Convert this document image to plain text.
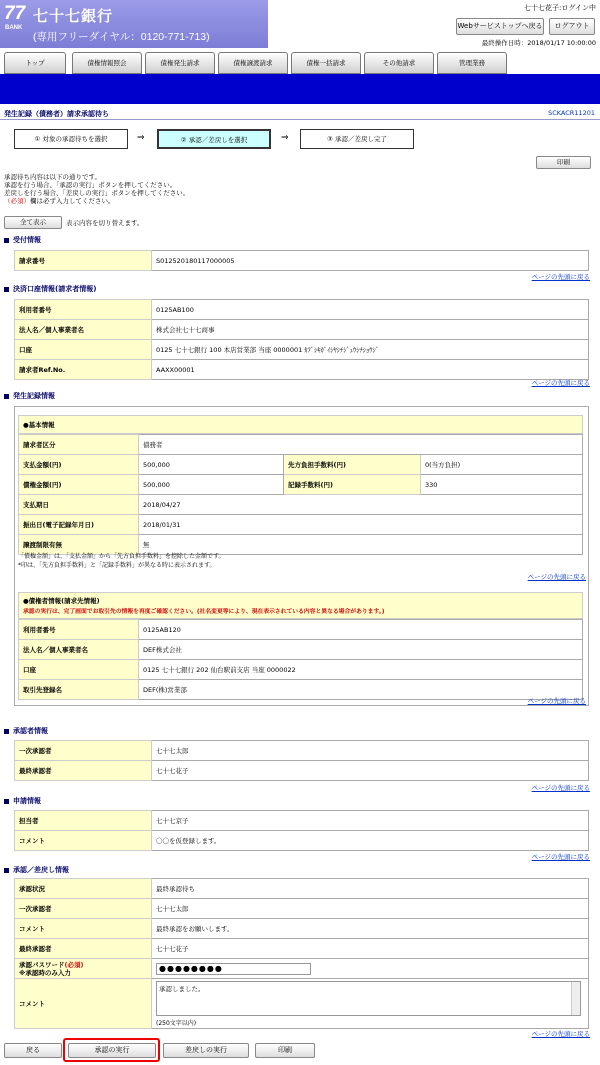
77
BANK
七十七銀行
(専用フリーダイヤル：0120-771-713)
七十七花子:ログイン中
Webサービストップへ戻る	ログアウト
最終操作日時：2018/01/17 10:00:00
トップ	債権情報照会	債権発生請求	債権譲渡請求	債権一括請求	その他請求	管理業務
発生記録（債務者）請求承認待ち	SCKACR11201
① 対象の承認待ちを選択	⇒	② 承認／差戻しを選択	⇒	③ 承認／差戻し完了
印刷
承認待ち内容は以下の通りです。
承認を行う場合、「承認の実行」ボタンを押してください。
差戻しを行う場合、「差戻しの実行」ボタンを押してください。
（必須）欄は必ず入力してください。
全て表示	表示内容を切り替えます。
受付情報
請求番号	S012520180117000005
ページの先頭に戻る
決済口座情報(請求者情報)
利用者番号	0125AB100
法人名／個人事業者名	株式会社七十七商事
口座	0125 七十七銀行 100 本店営業部 当座 0000001 ｶﾌﾞｼｷｶﾞｲｼﾔｼﾁｼﾞｭｳｼﾁｼｮｳｼﾞ
請求者Ref.No.	AAXX00001
ページの先頭に戻る
発生記録情報
●基本情報
請求者区分	債務者		
支払金額(円)	500,000	先方負担手数料(円)	0(当方負担)
債権金額(円)	500,000	記録手数料(円)	330
支払期日	2018/04/27		
振出日(電子記録年月日)	2018/01/31		
譲渡制限有無	無		
「債権金額」は、「支払金額」から「先方負担手数料」を控除した金額です。
*印は、「先方負担手数料」と「記録手数料」が異なる時に表示されます。
ページの先頭に戻る
●債権者情報(請求先情報)
承認の実行は、完了画面でお取引先の情報を再度ご確認ください。(社名変更等により、現在表示されている内容と異なる場合があります。)
利用者番号	0125AB120
法人名／個人事業者名	DEF株式会社
口座	0125 七十七銀行 202 仙台駅前支店 当座 0000022
取引先登録名	DEF(株)営業部
ページの先頭に戻る
承認者情報
一次承認者	七十七太郎
最終承認者	七十七花子
ページの先頭に戻る
申請情報
担当者	七十七京子
コメント	〇〇を仮登録します。
ページの先頭に戻る
承認／差戻し情報
承認状況	最終承認待ち
一次承認者	七十七太郎
コメント	最終承認をお願いします。
最終承認者	七十七花子
承認パスワード(必須)
※承認時のみ入力	●●●●●●●●

コメント	承認しました。
(250文字以内)
ページの先頭に戻る
戻る	承認の実行	差戻しの実行	印刷
